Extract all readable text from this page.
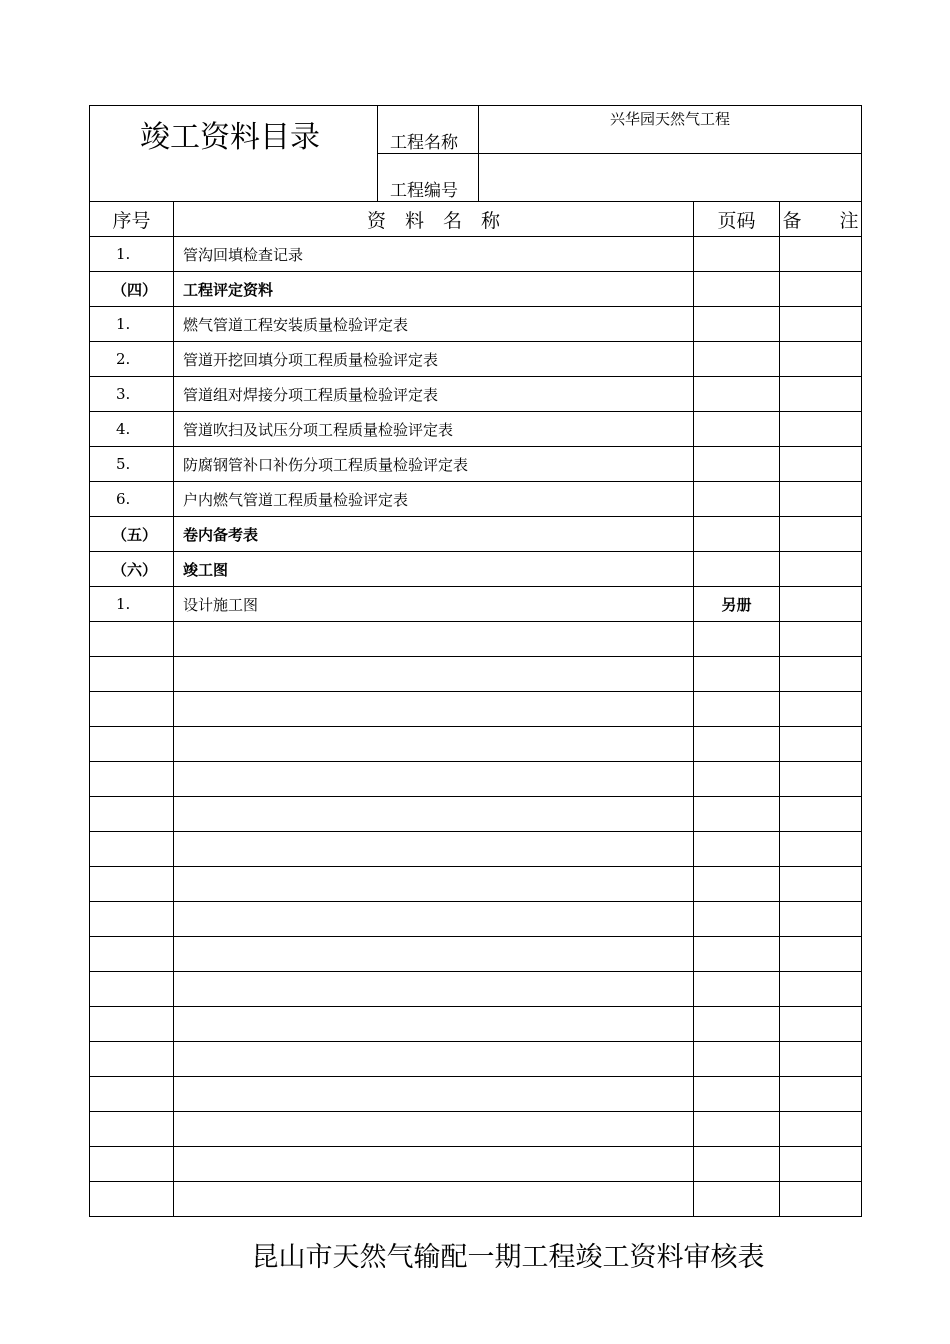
竣工资料目录	工程名称	兴华园天然气工程
	工程编号	
序号	资　料　名　称	页码	备　　注
1.	管沟回填检查记录		
（四）	工程评定资料		
1.	燃气管道工程安装质量检验评定表		
2.	管道开挖回填分项工程质量检验评定表		
3.	管道组对焊接分项工程质量检验评定表		
4.	管道吹扫及试压分项工程质量检验评定表		
5.	防腐钢管补口补伤分项工程质量检验评定表		
6.	户内燃气管道工程质量检验评定表		
（五）	卷内备考表		
（六）	竣工图		
1.	设计施工图	另册	

昆山市天然气输配一期工程竣工资料审核表
